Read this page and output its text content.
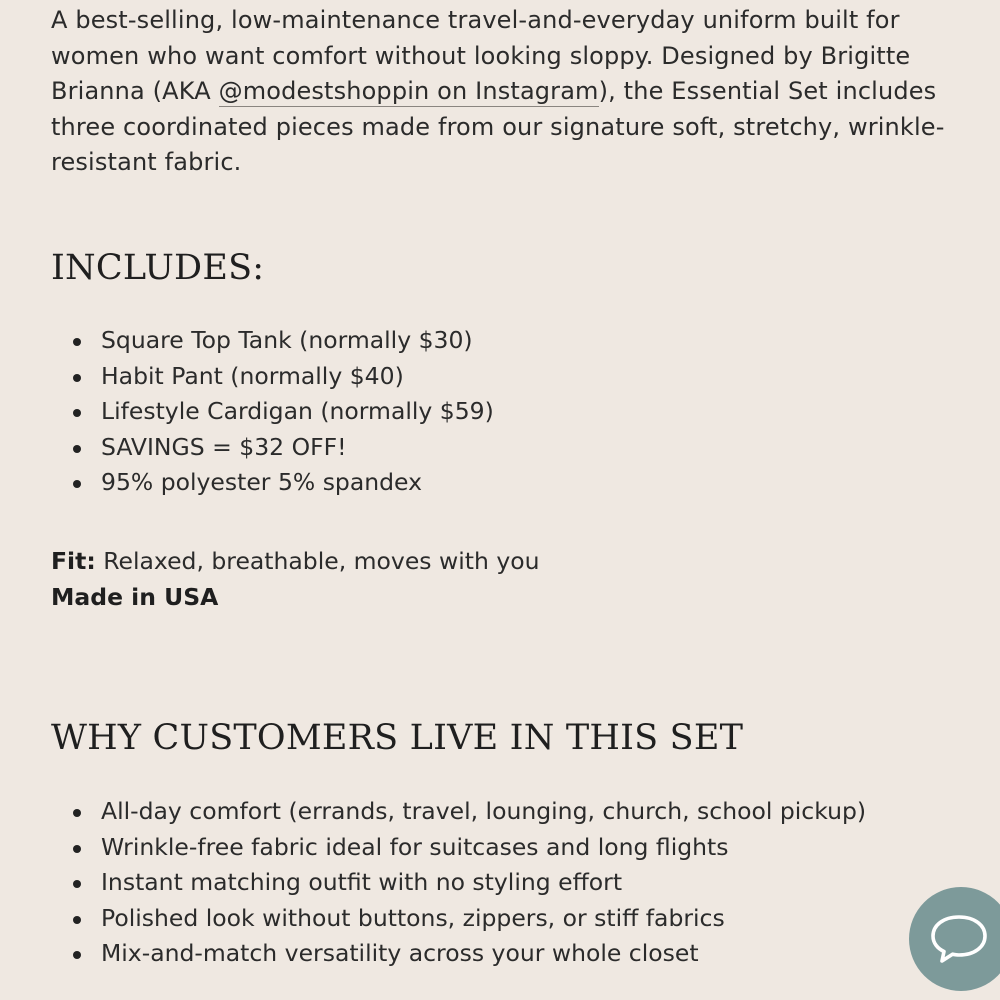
A best-selling, low-maintenance travel-and-everyday uniform built for women who want comfort without looking sloppy. Designed by Brigitte Brianna (AKA @modestshoppin on Instagram), the Essential Set includes three coordinated pieces made from our signature soft, stretchy, wrinkle-resistant fabric.

INCLUDES:
Square Top Tank (normally $30)
Habit Pant (normally $40)
Lifestyle Cardigan (normally $59)
SAVINGS = $32 OFF!
95% polyester 5% spandex
Fit: Relaxed, breathable, moves with you
Made in USA
WHY CUSTOMERS LIVE IN THIS SET
All-day comfort (errands, travel, lounging, church, school pickup)
Wrinkle-free fabric ideal for suitcases and long flights
Instant matching outfit with no styling effort
Polished look without buttons, zippers, or stiff fabrics
Mix-and-match versatility across your whole closet
